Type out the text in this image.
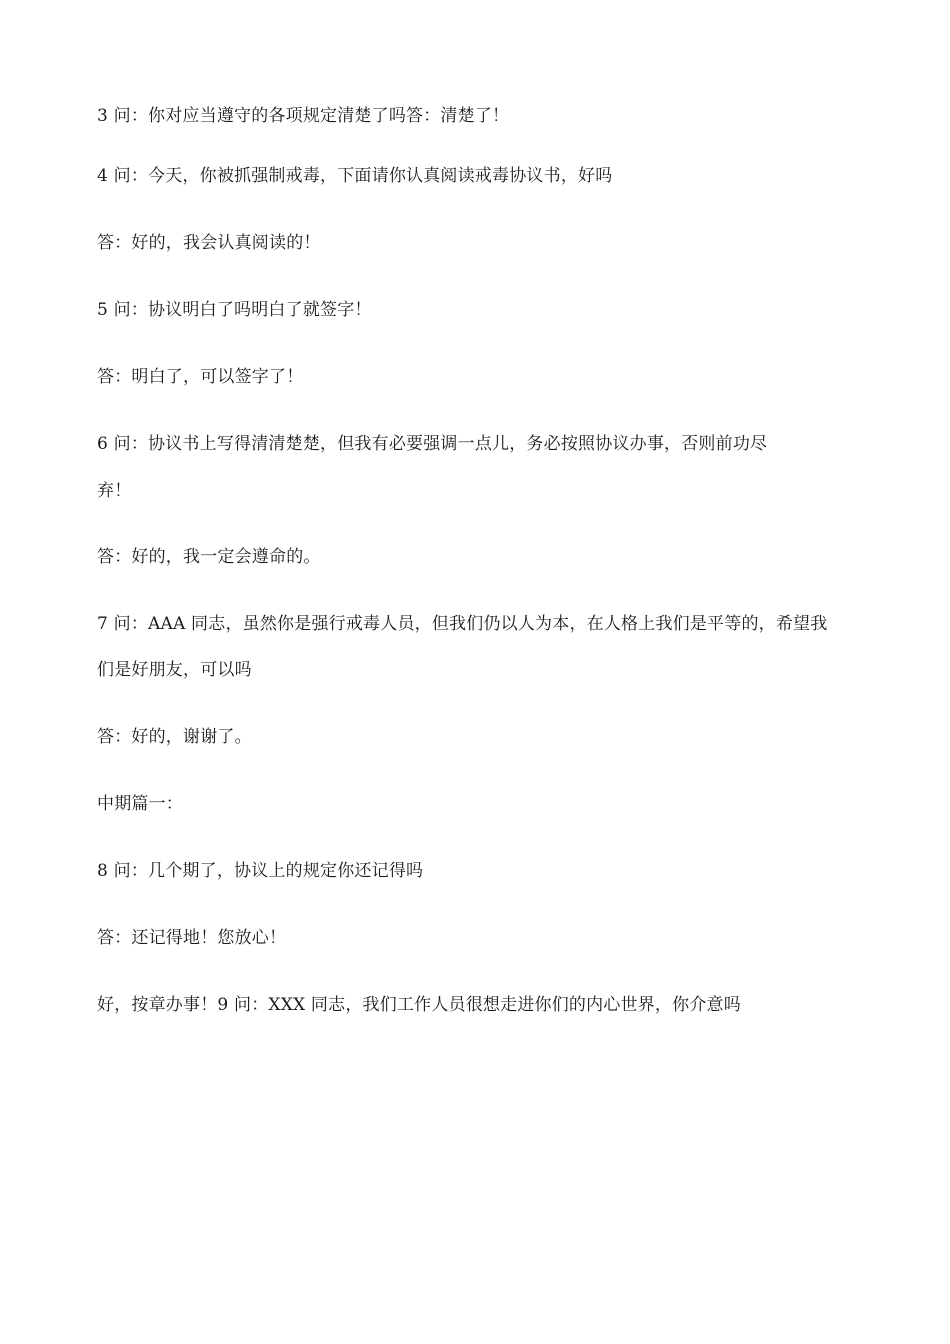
3 问：你对应当遵守的各项规定清楚了吗答：清楚了！
4 问：今天，你被抓强制戒毒，下面请你认真阅读戒毒协议书，好吗
答：好的，我会认真阅读的！
5 问：协议明白了吗明白了就签字！
答：明白了，可以签字了！
6 问：协议书上写得清清楚楚，但我有必要强调一点儿，务必按照协议办事，否则前功尽
弃！
答：好的，我一定会遵命的。
7 问：AAA 同志，虽然你是强行戒毒人员，但我们仍以人为本，在人格上我们是平等的，希望我
们是好朋友，可以吗
答：好的，谢谢了。
中期篇一：
8 问：几个期了，协议上的规定你还记得吗
答：还记得地！您放心！
好，按章办事！9 问：XXX 同志，我们工作人员很想走进你们的内心世界，你介意吗
